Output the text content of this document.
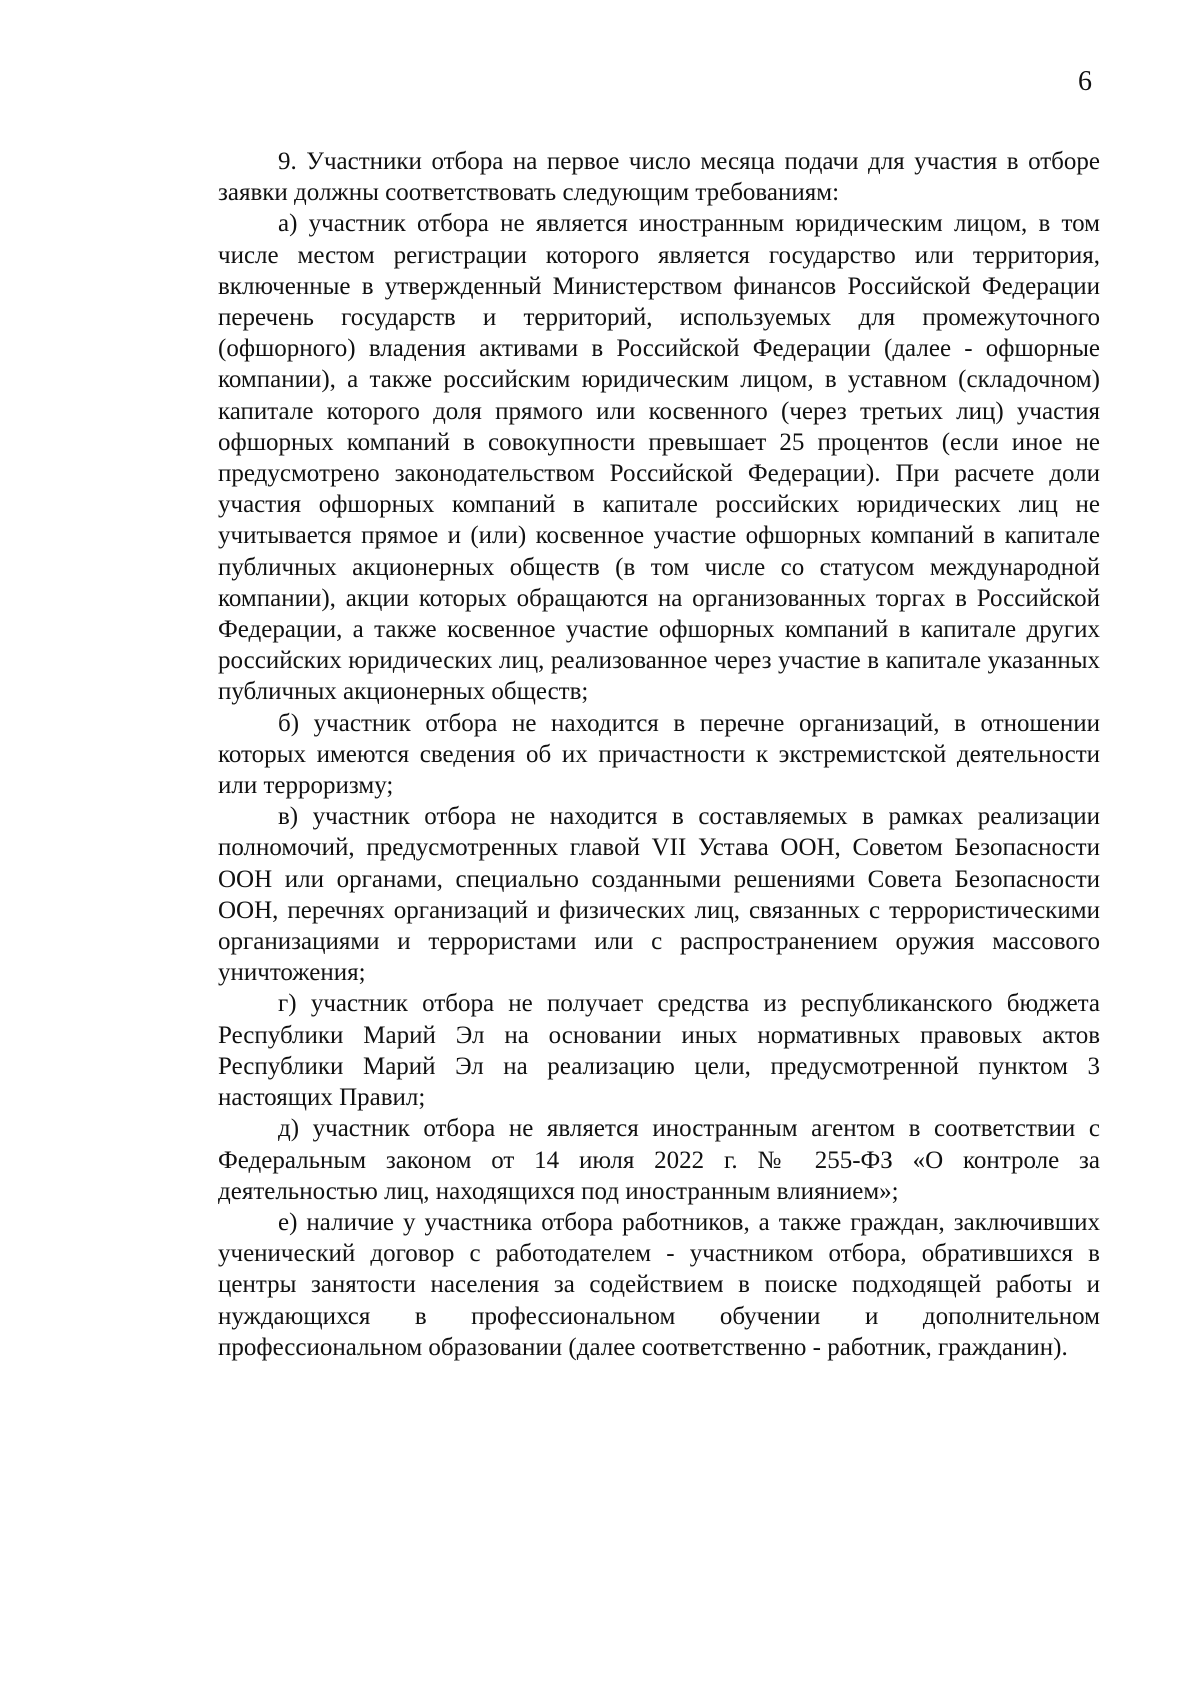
6

9. Участники отбора на первое число месяца подачи для участия в отборе заявки должны соответствовать следующим требованиям:

а) участник отбора не является иностранным юридическим лицом, в том числе местом регистрации которого является государство или территория, включенные в утвержденный Министерством финансов Российской Федерации перечень государств и территорий, используемых для промежуточного (офшорного) владения активами в Российской Федерации (далее - офшорные компании), а также российским юридическим лицом, в уставном (складочном) капитале которого доля прямого или косвенного (через третьих лиц) участия офшорных компаний в совокупности превышает 25 процентов (если иное не предусмотрено законодательством Российской Федерации). При расчете доли участия офшорных компаний в капитале российских юридических лиц не учитывается прямое и (или) косвенное участие офшорных компаний в капитале публичных акционерных обществ (в том числе со статусом международной компании), акции которых обращаются на организованных торгах в Российской Федерации, а также косвенное участие офшорных компаний в капитале других российских юридических лиц, реализованное через участие в капитале указанных публичных акционерных обществ;

б) участник отбора не находится в перечне организаций, в отношении которых имеются сведения об их причастности к экстремистской деятельности или терроризму;

в) участник отбора не находится в составляемых в рамках реализации полномочий, предусмотренных главой VII Устава ООН, Советом Безопасности ООН или органами, специально созданными решениями Совета Безопасности ООН, перечнях организаций и физических лиц, связанных с террористическими организациями и террористами или с распространением оружия массового уничтожения;

г) участник отбора не получает средства из республиканского бюджета Республики Марий Эл на основании иных нормативных правовых актов Республики Марий Эл на реализацию цели, предусмотренной пунктом 3 настоящих Правил;

д) участник отбора не является иностранным агентом в соответствии с Федеральным законом от 14 июля 2022 г. № 255-ФЗ «О контроле за деятельностью лиц, находящихся под иностранным влиянием»;

е) наличие у участника отбора работников, а также граждан, заключивших ученический договор с работодателем - участником отбора, обратившихся в центры занятости населения за содействием в поиске подходящей работы и нуждающихся в профессиональном обучении и дополнительном профессиональном образовании (далее соответственно - работник, гражданин).
